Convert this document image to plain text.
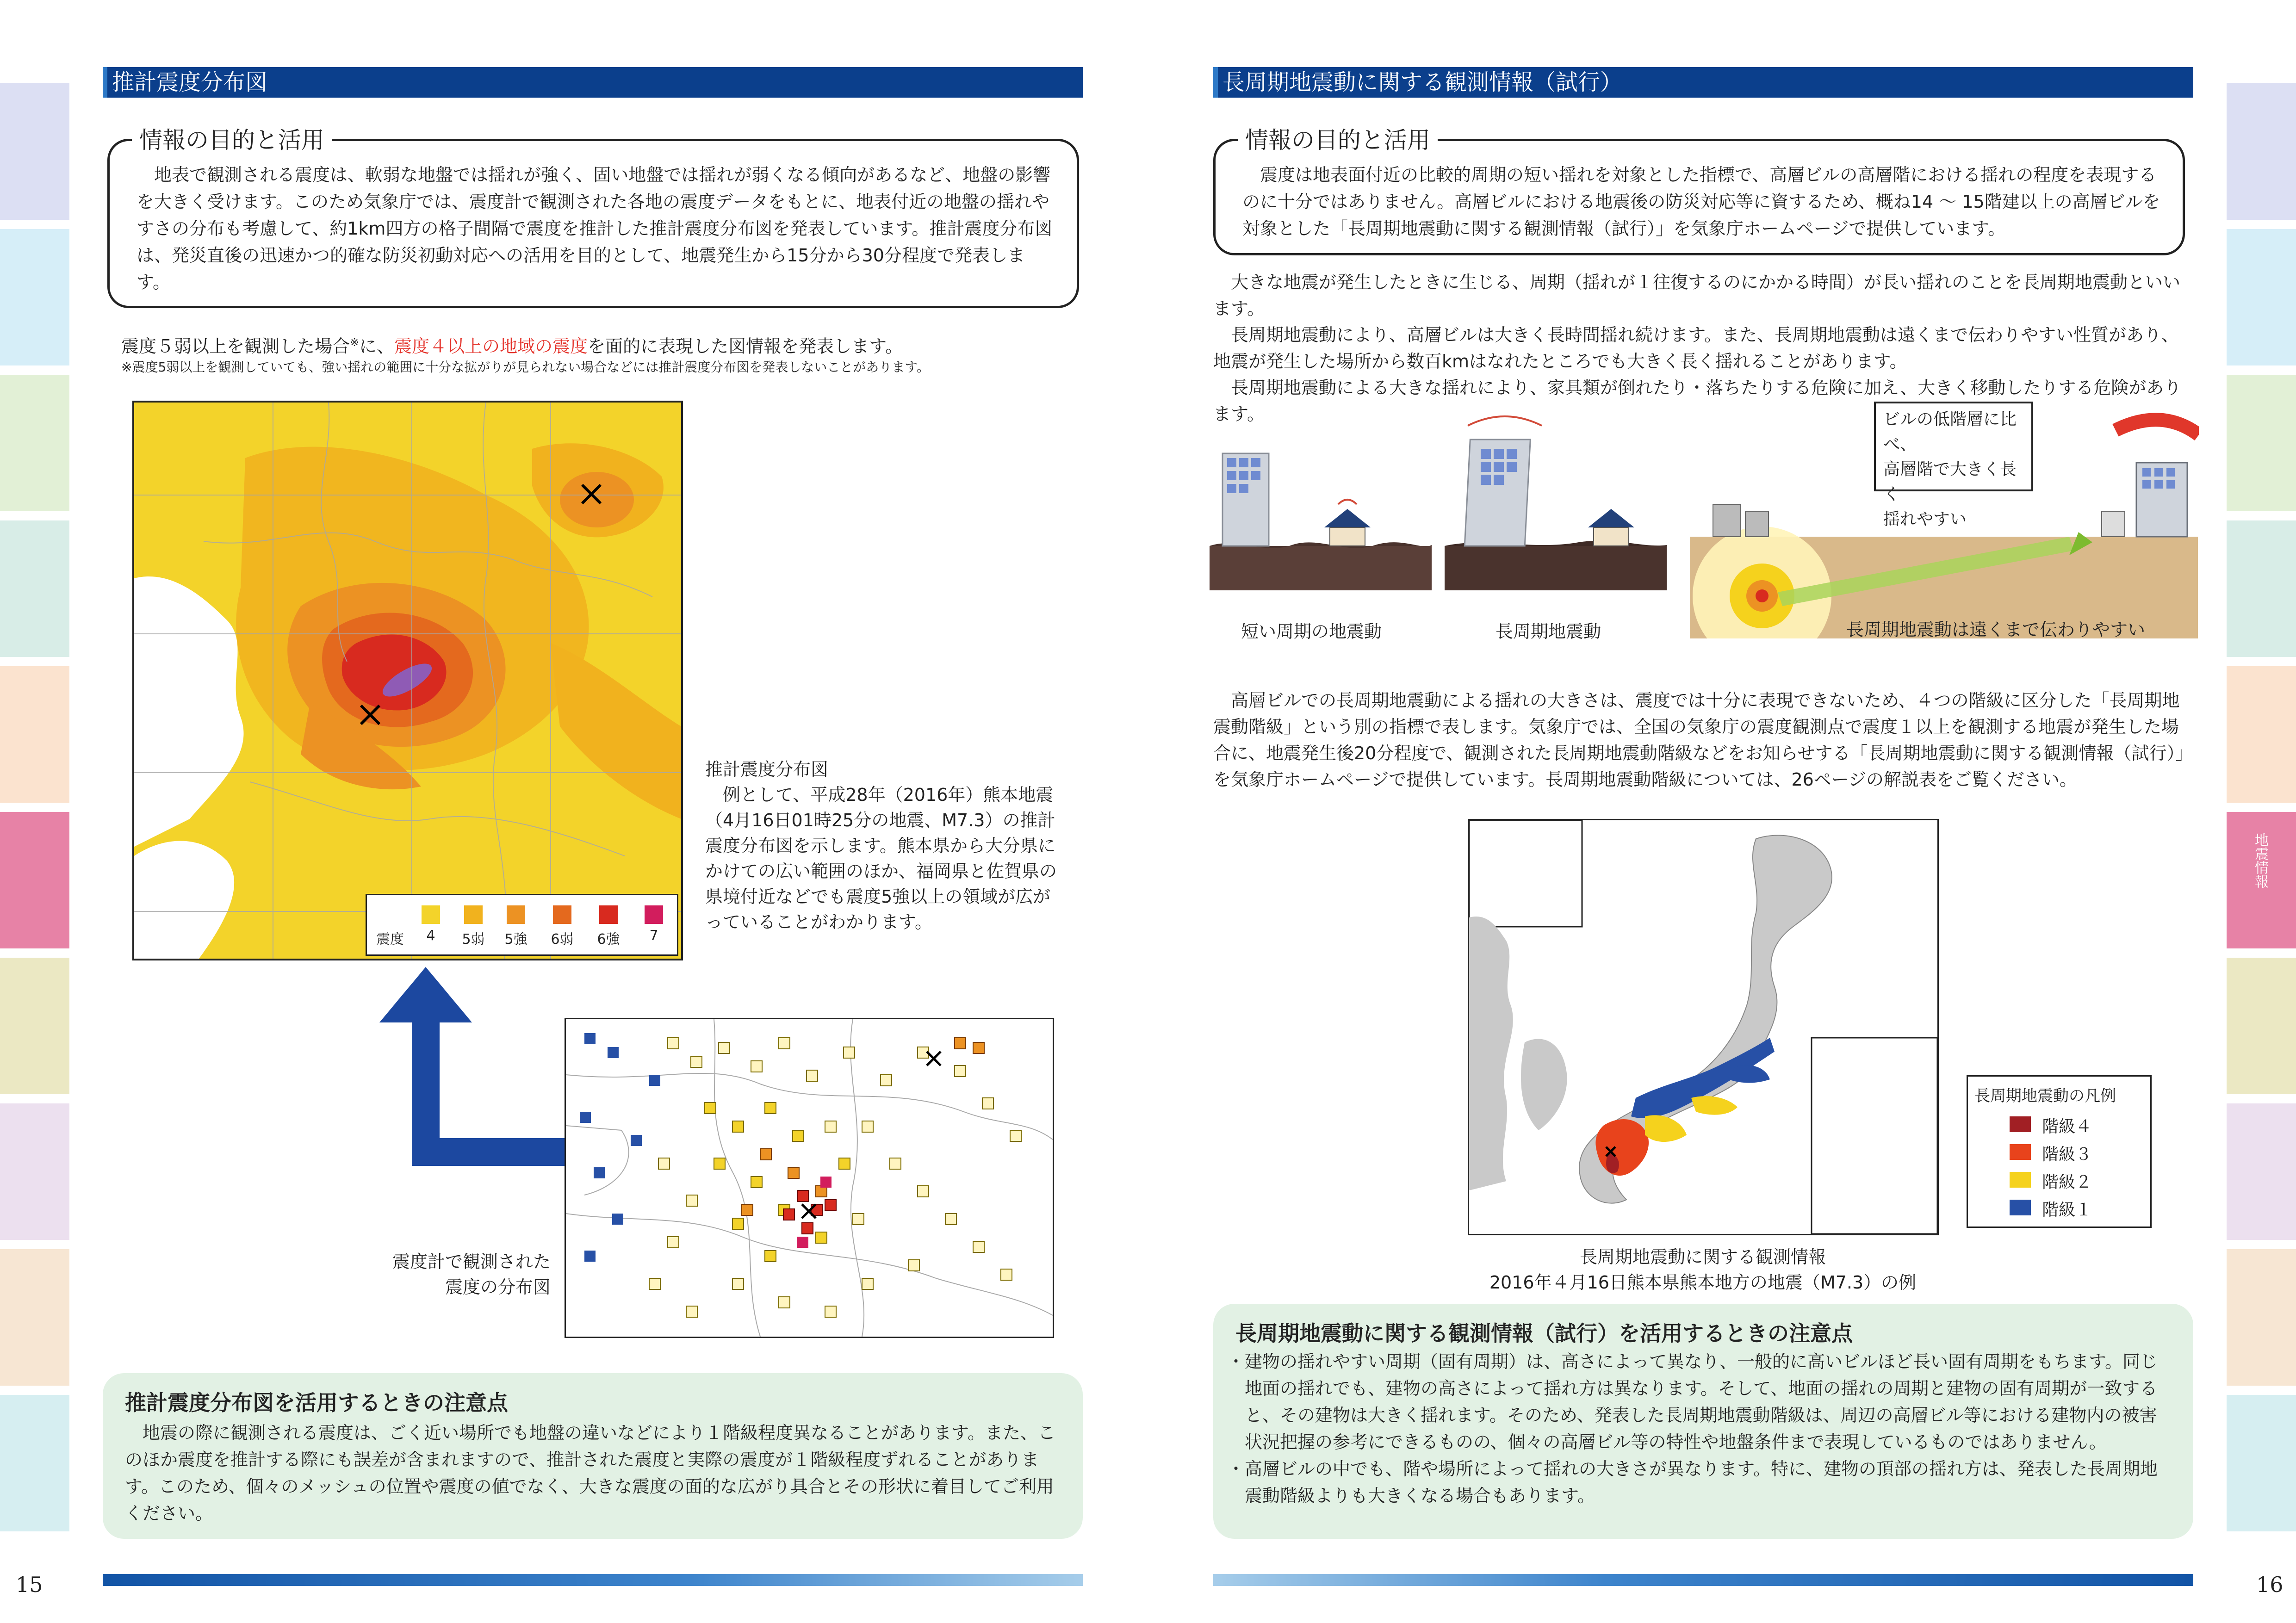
地震情報	地震情報
推計震度分布図
情報の目的と活用
地表で観測される震度は、軟弱な地盤では揺れが強く、固い地盤では揺れが弱くなる傾向があるなど、地盤の影響を大きく受けます。このため気象庁では、震度計で観測された各地の震度データをもとに、地表付近の地盤の揺れやすさの分布も考慮して、約1km四方の格子間隔で震度を推計した推計震度分布図を発表しています。推計震度分布図は、発災直後の迅速かつ的確な防災初動対応への活用を目的として、地震発生から15分から30分程度で発表します。
震度５弱以上を観測した場合※に、震度４以上の地域の震度を面的に表現した図情報を発表します。
※震度5弱以上を観測していても、強い揺れの範囲に十分な拡がりが見られない場合などには推計震度分布図を発表しないことがあります。
震度	4	5弱	5強	6弱	6強	7
推計震度分布図
例として、平成28年（2016年）熊本地震（4月16日01時25分の地震、M7.3）の推計震度分布図を示します。熊本県から大分県にかけての広い範囲のほか、福岡県と佐賀県の県境付近などでも震度5強以上の領域が広がっていることがわかります。
震度計で観測された
震度の分布図
推計震度分布図を活用するときの注意点
地震の際に観測される震度は、ごく近い場所でも地盤の違いなどにより１階級程度異なることがあります。また、このほか震度を推計する際にも誤差が含まれますので、推計された震度と実際の震度が１階級程度ずれることがあります。このため、個々のメッシュの位置や震度の値でなく、大きな震度の面的な広がり具合とその形状に着目してご利用ください。
15
長周期地震動に関する観測情報（試行）
情報の目的と活用
震度は地表面付近の比較的周期の短い揺れを対象とした指標で、高層ビルの高層階における揺れの程度を表現するのに十分ではありません。高層ビルにおける地震後の防災対応等に資するため、概ね14 ～ 15階建以上の高層ビルを対象とした「長周期地震動に関する観測情報（試行）」を気象庁ホームページで提供しています。

大きな地震が発生したときに生じる、周期（揺れが１往復するのにかかる時間）が長い揺れのことを長周期地震動といいます。

長周期地震動により、高層ビルは大きく長時間揺れ続けます。また、長周期地震動は遠くまで伝わりやすい性質があり、地震が発生した場所から数百kmはなれたところでも大きく長く揺れることがあります。

長周期地震動による大きな揺れにより、家具類が倒れたり・落ちたりする危険に加え、大きく移動したりする危険があります。	ビルの低階層に比べ、
高層階で大きく長く
揺れやすい
短い周期の地震動	長周期地震動	長周期地震動は遠くまで伝わりやすい
高層ビルでの長周期地震動による揺れの大きさは、震度では十分に表現できないため、４つの階級に区分した「長周期地震動階級」という別の指標で表します。気象庁では、全国の気象庁の震度観測点で震度１以上を観測する地震が発生した場合に、地震発生後20分程度で、観測された長周期地震動階級などをお知らせする「長周期地震動に関する観測情報（試行）」を気象庁ホームページで提供しています。長周期地震動階級については、26ページの解説表をご覧ください。
長周期地震動の凡例
階級４
階級３
階級２
階級１
長周期地震動に関する観測情報
2016年４月16日熊本県熊本地方の地震（M7.3）の例
長周期地震動に関する観測情報（試行）を活用するときの注意点

・建物の揺れやすい周期（固有周期）は、高さによって異なり、一般的に高いビルほど長い固有周期をもちます。同じ地面の揺れでも、建物の高さによって揺れ方は異なります。そして、地面の揺れの周期と建物の固有周期が一致すると、その建物は大きく揺れます。そのため、発表した長周期地震動階級は、周辺の高層ビル等における建物内の被害状況把握の参考にできるものの、個々の高層ビル等の特性や地盤条件まで表現しているものではありません。

・高層ビルの中でも、階や場所によって揺れの大きさが異なります。特に、建物の頂部の揺れ方は、発表した長周期地震動階級よりも大きくなる場合もあります。

16
